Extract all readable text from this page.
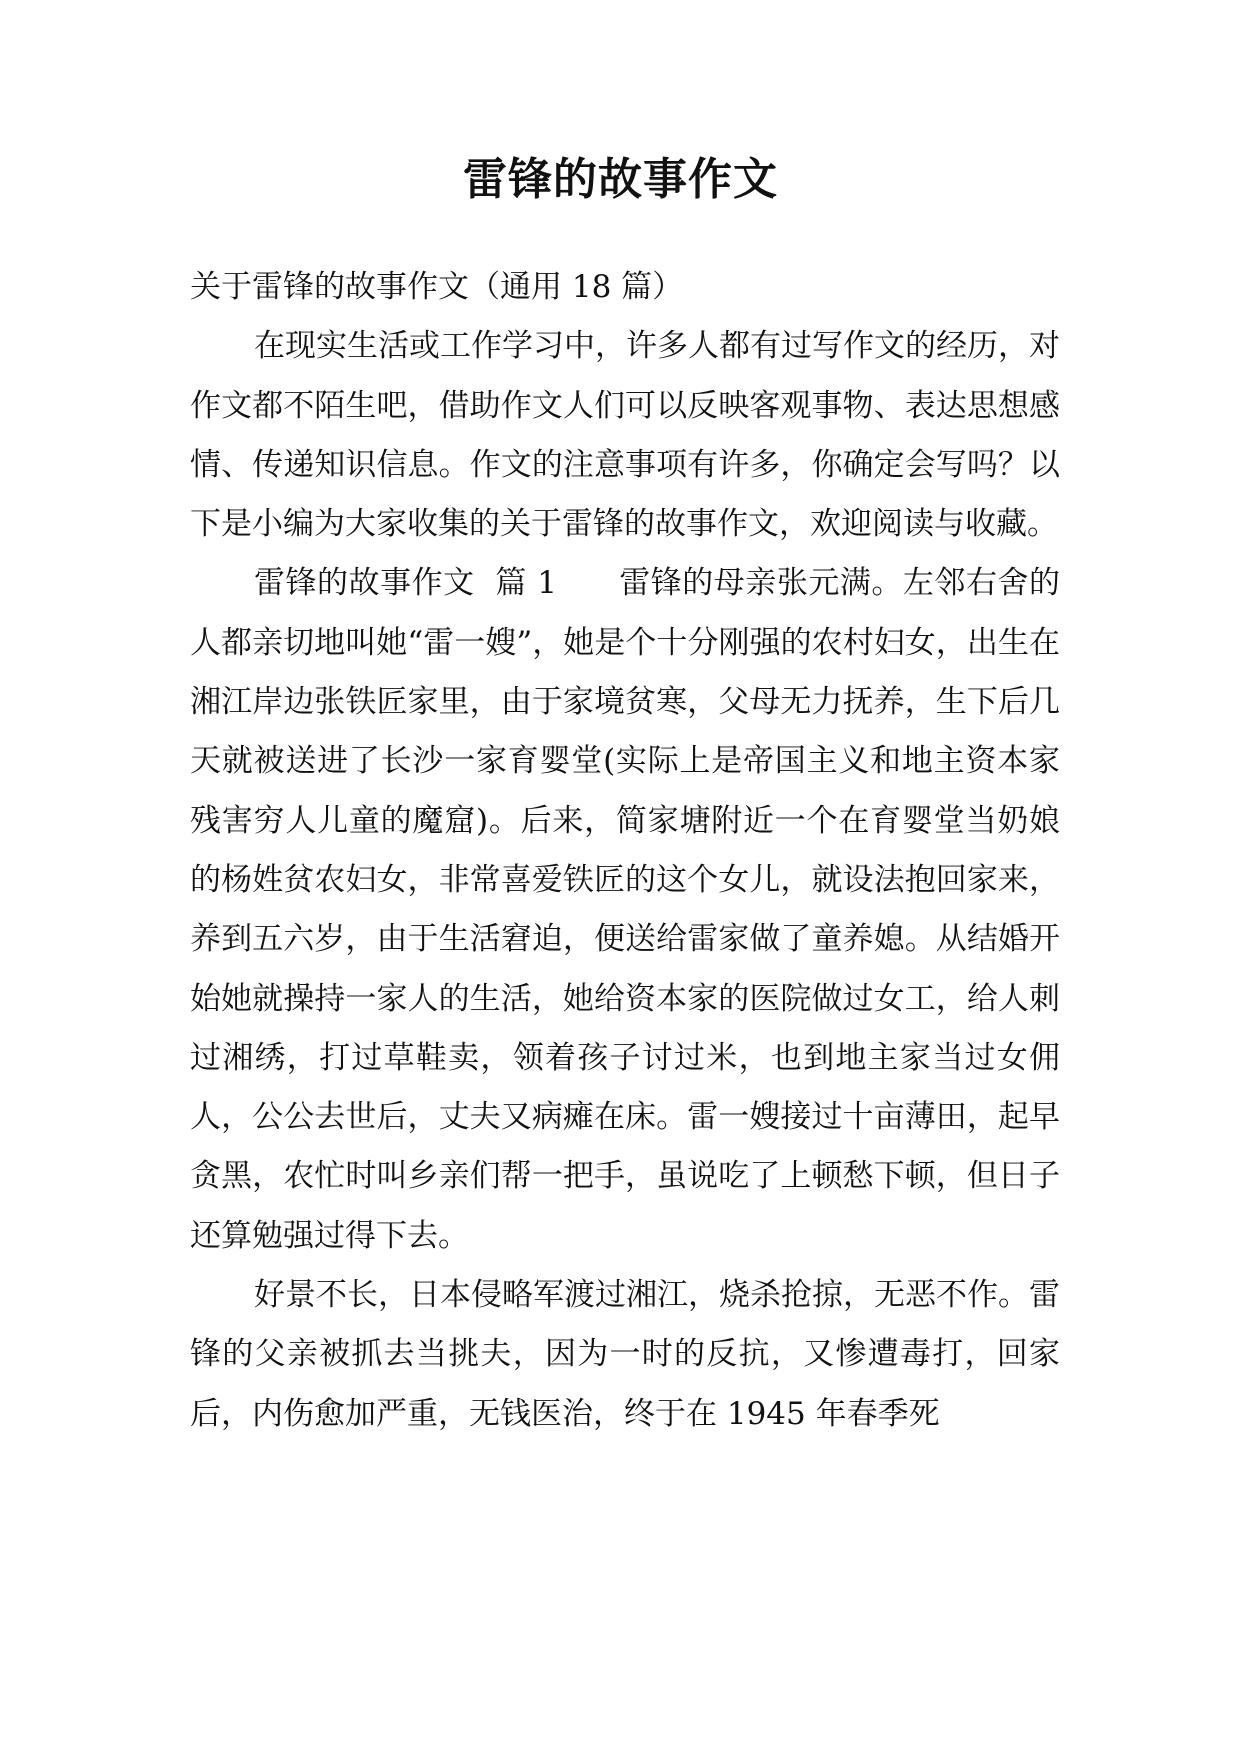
雷锋的故事作文

关于雷锋的故事作文（通用 18 篇）

在现实生活或工作学习中，许多人都有过写作文的经历，对作文都不陌生吧，借助作文人们可以反映客观事物、表达思想感情、传递知识信息。作文的注意事项有许多，你确定会写吗？以下是小编为大家收集的关于雷锋的故事作文，欢迎阅读与收藏。

雷锋的故事作文  篇 1      雷锋的母亲张元满。左邻右舍的人都亲切地叫她“雷一嫂”，她是个十分刚强的农村妇女，出生在湘江岸边张铁匠家里，由于家境贫寒，父母无力抚养，生下后几天就被送进了长沙一家育婴堂(实际上是帝国主义和地主资本家残害穷人儿童的魔窟)。后来，简家塘附近一个在育婴堂当奶娘的杨姓贫农妇女，非常喜爱铁匠的这个女儿，就设法抱回家来，养到五六岁，由于生活窘迫，便送给雷家做了童养媳。从结婚开始她就操持一家人的生活，她给资本家的医院做过女工，给人刺过湘绣，打过草鞋卖，领着孩子讨过米，也到地主家当过女佣人，公公去世后，丈夫又病瘫在床。雷一嫂接过十亩薄田，起早贪黑，农忙时叫乡亲们帮一把手，虽说吃了上顿愁下顿，但日子还算勉强过得下去。

好景不长，日本侵略军渡过湘江，烧杀抢掠，无恶不作。雷锋的父亲被抓去当挑夫，因为一时的反抗，又惨遭毒打，回家后，内伤愈加严重，无钱医治，终于在 1945 年春季死
